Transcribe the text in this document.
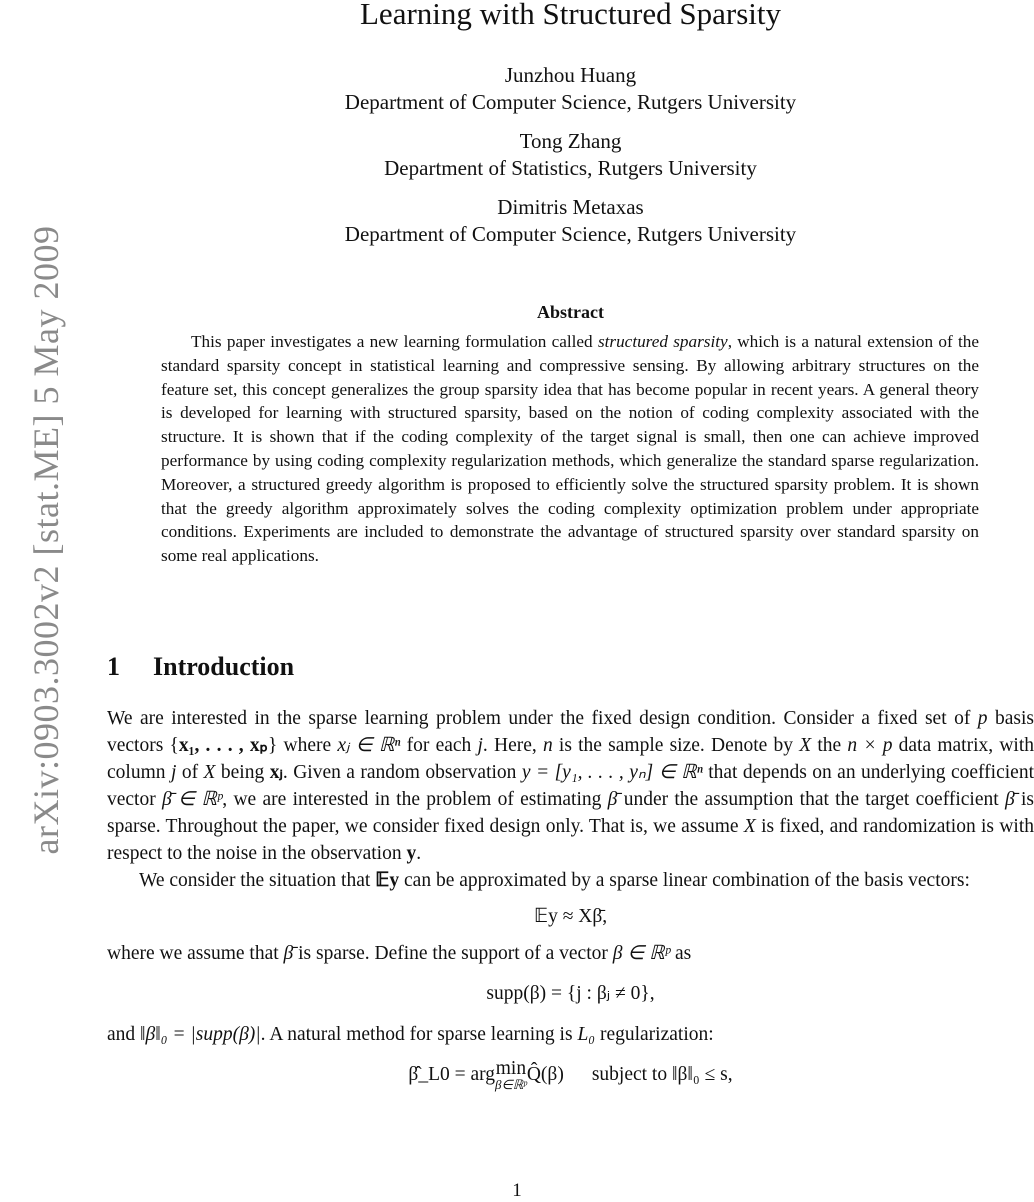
arXiv:0903.3002v2 [stat.ME] 5 May 2009
Learning with Structured Sparsity
Junzhou Huang
Department of Computer Science, Rutgers University
Tong Zhang
Department of Statistics, Rutgers University
Dimitris Metaxas
Department of Computer Science, Rutgers University
Abstract

This paper investigates a new learning formulation called structured sparsity, which is a natural extension of the standard sparsity concept in statistical learning and compressive sensing. By allowing arbitrary structures on the feature set, this concept generalizes the group sparsity idea that has become popular in recent years. A general theory is developed for learning with structured sparsity, based on the notion of coding complexity associated with the structure. It is shown that if the coding complexity of the target signal is small, then one can achieve improved performance by using coding complexity regularization methods, which generalize the standard sparse regularization. Moreover, a structured greedy algorithm is proposed to efficiently solve the structured sparsity problem. It is shown that the greedy algorithm approximately solves the coding complexity optimization problem under appropriate conditions. Experiments are included to demonstrate the advantage of structured sparsity over standard sparsity on some real applications.

1 Introduction

We are interested in the sparse learning problem under the fixed design condition. Consider a fixed set of p basis vectors {x₁, . . . , xₚ} where xⱼ ∈ ℝⁿ for each j. Here, n is the sample size. Denote by X the n × p data matrix, with column j of X being xⱼ. Given a random observation y = [y₁, . . . , yₙ] ∈ ℝⁿ that depends on an underlying coefficient vector β̄ ∈ ℝᵖ, we are interested in the problem of estimating β̄ under the assumption that the target coefficient β̄ is sparse. Throughout the paper, we consider fixed design only. That is, we assume X is fixed, and randomization is with respect to the noise in the observation y.

We consider the situation that 𝔼y can be approximated by a sparse linear combination of the basis vectors:

𝔼y ≈ Xβ̄,

where we assume that β̄ is sparse. Define the support of a vector β ∈ ℝᵖ as

supp(β) = {j : βⱼ ≠ 0},

and ‖β‖₀ = |supp(β)|. A natural method for sparse learning is L₀ regularization:

β̂_L0 = argmin
β∈ℝᵖ Q̂(β) subject to ‖β‖₀ ≤ s,
1
